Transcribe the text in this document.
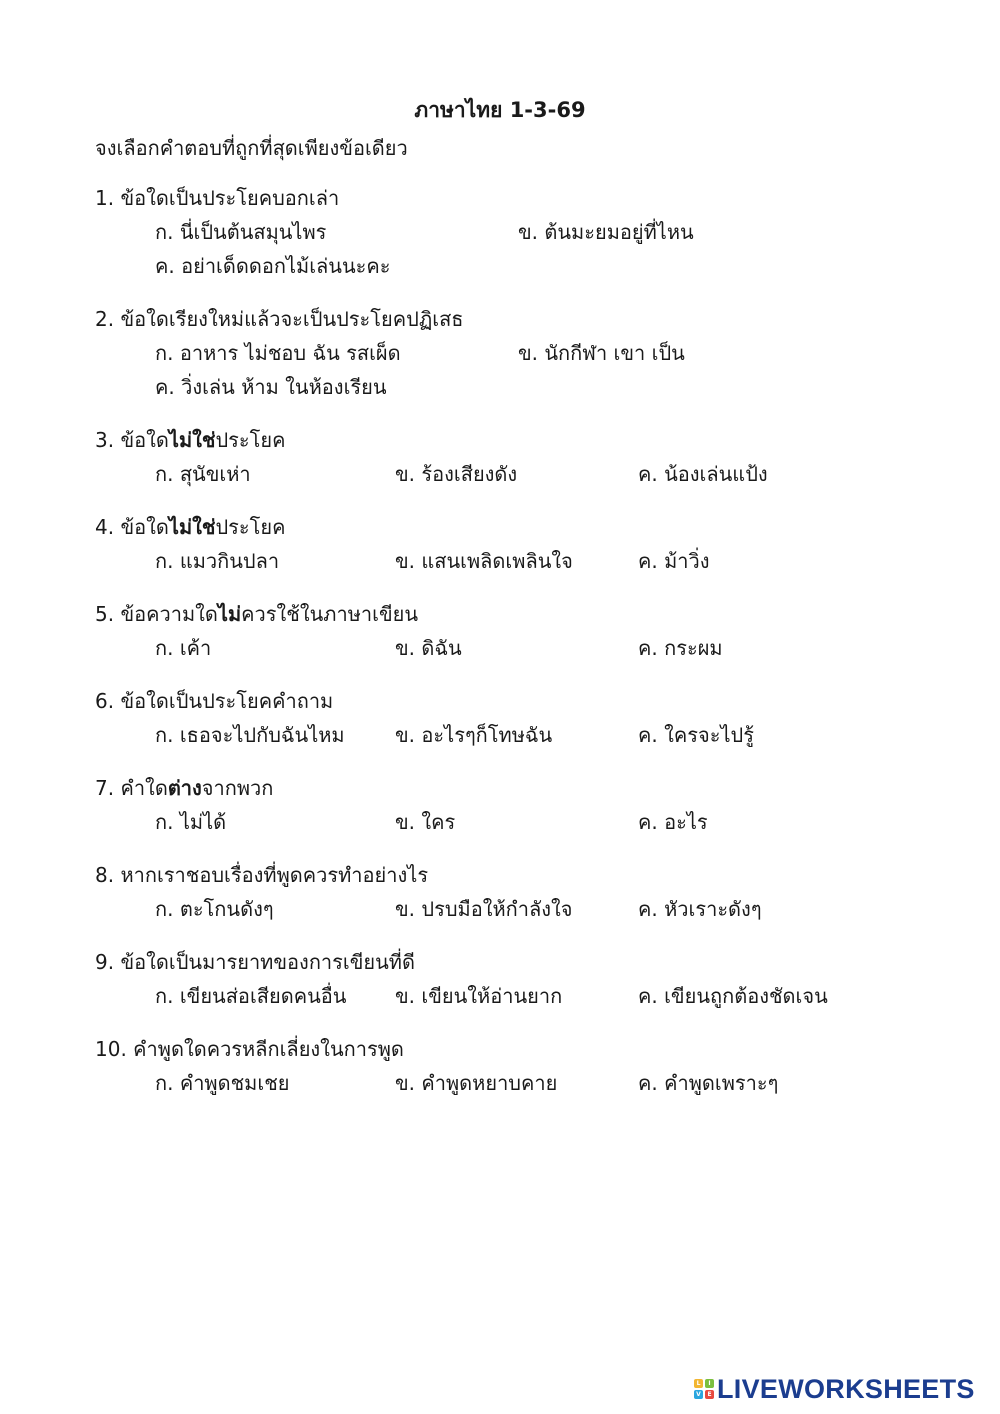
ภาษาไทย 1-3-69
จงเลือกคำตอบที่ถูกที่สุดเพียงข้อเดียว
1. ข้อใดเป็นประโยคบอกเล่า
ก. นี่เป็นต้นสมุนไพร	ข. ต้นมะยมอยู่ที่ไหน
ค. อย่าเด็ดดอกไม้เล่นนะคะ
2. ข้อใดเรียงใหม่แล้วจะเป็นประโยคปฏิเสธ
ก. อาหาร ไม่ชอบ ฉัน รสเผ็ด	ข. นักกีฬา เขา เป็น
ค. วิ่งเล่น ห้าม ในห้องเรียน
3. ข้อใดไม่ใช่ประโยค
ก. สุนัขเห่า	ข. ร้องเสียงดัง	ค. น้องเล่นแป้ง
4. ข้อใดไม่ใช่ประโยค
ก. แมวกินปลา	ข. แสนเพลิดเพลินใจ	ค. ม้าวิ่ง
5. ข้อความใดไม่ควรใช้ในภาษาเขียน
ก. เค้า	ข. ดิฉัน	ค. กระผม
6. ข้อใดเป็นประโยคคำถาม
ก. เธอจะไปกับฉันไหม	ข. อะไรๆก็โทษฉัน	ค. ใครจะไปรู้
7. คำใดต่างจากพวก
ก. ไม่ได้	ข. ใคร	ค. อะไร
8. หากเราชอบเรื่องที่พูดควรทำอย่างไร
ก. ตะโกนดังๆ	ข. ปรบมือให้กำลังใจ	ค. หัวเราะดังๆ
9. ข้อใดเป็นมารยาทของการเขียนที่ดี
ก. เขียนส่อเสียดคนอื่น ข. เขียนให้อ่านยาก	ค. เขียนถูกต้องชัดเจน
10. คำพูดใดควรหลีกเลี่ยงในการพูด
ก. คำพูดชมเชย	ข. คำพูดหยาบคาย	ค. คำพูดเพราะๆ
L	I
V	E LIVEWORKSHEETS
